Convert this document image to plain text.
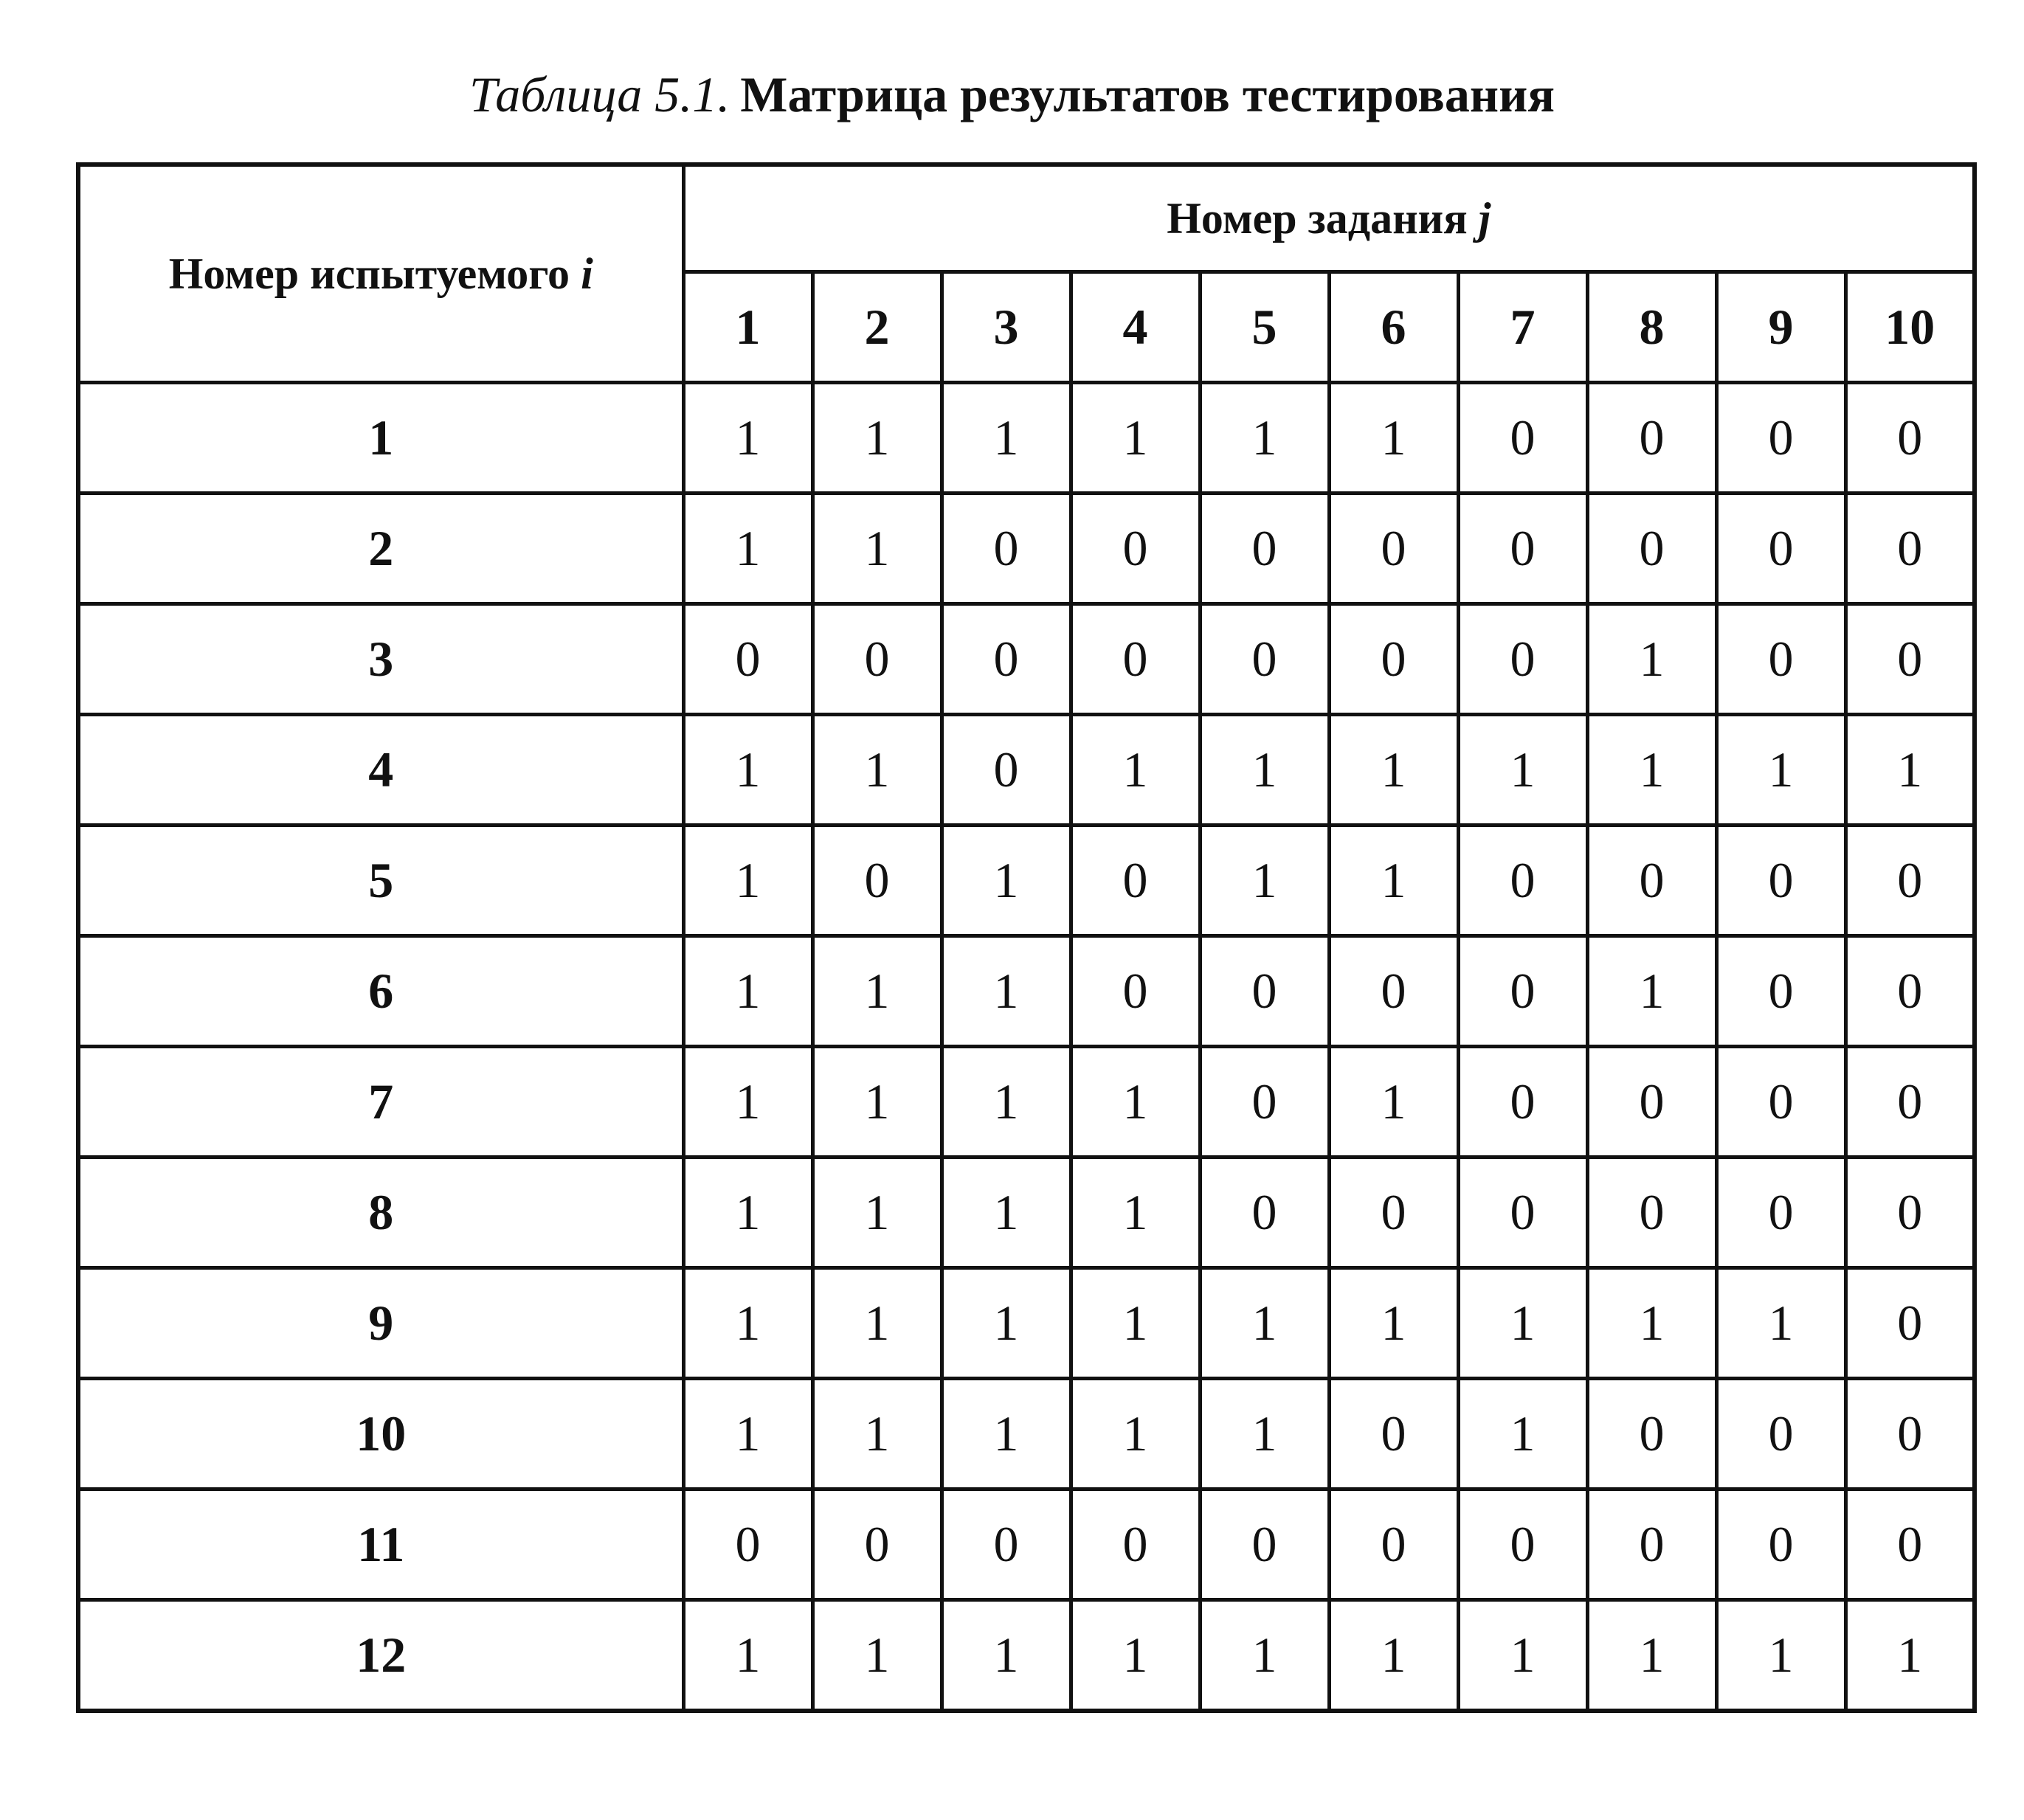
Таблица 5.1. Матрица результатов тестирования
Номер испытуемого i	Номер задания j									
	1	2	3	4	5	6	7	8	9	10
1	1	1	1	1	1	1	0	0	0	0
2	1	1	0	0	0	0	0	0	0	0
3	0	0	0	0	0	0	0	1	0	0
4	1	1	0	1	1	1	1	1	1	1
5	1	0	1	0	1	1	0	0	0	0
6	1	1	1	0	0	0	0	1	0	0
7	1	1	1	1	0	1	0	0	0	0
8	1	1	1	1	0	0	0	0	0	0
9	1	1	1	1	1	1	1	1	1	0
10	1	1	1	1	1	0	1	0	0	0
11	0	0	0	0	0	0	0	0	0	0
12	1	1	1	1	1	1	1	1	1	1
